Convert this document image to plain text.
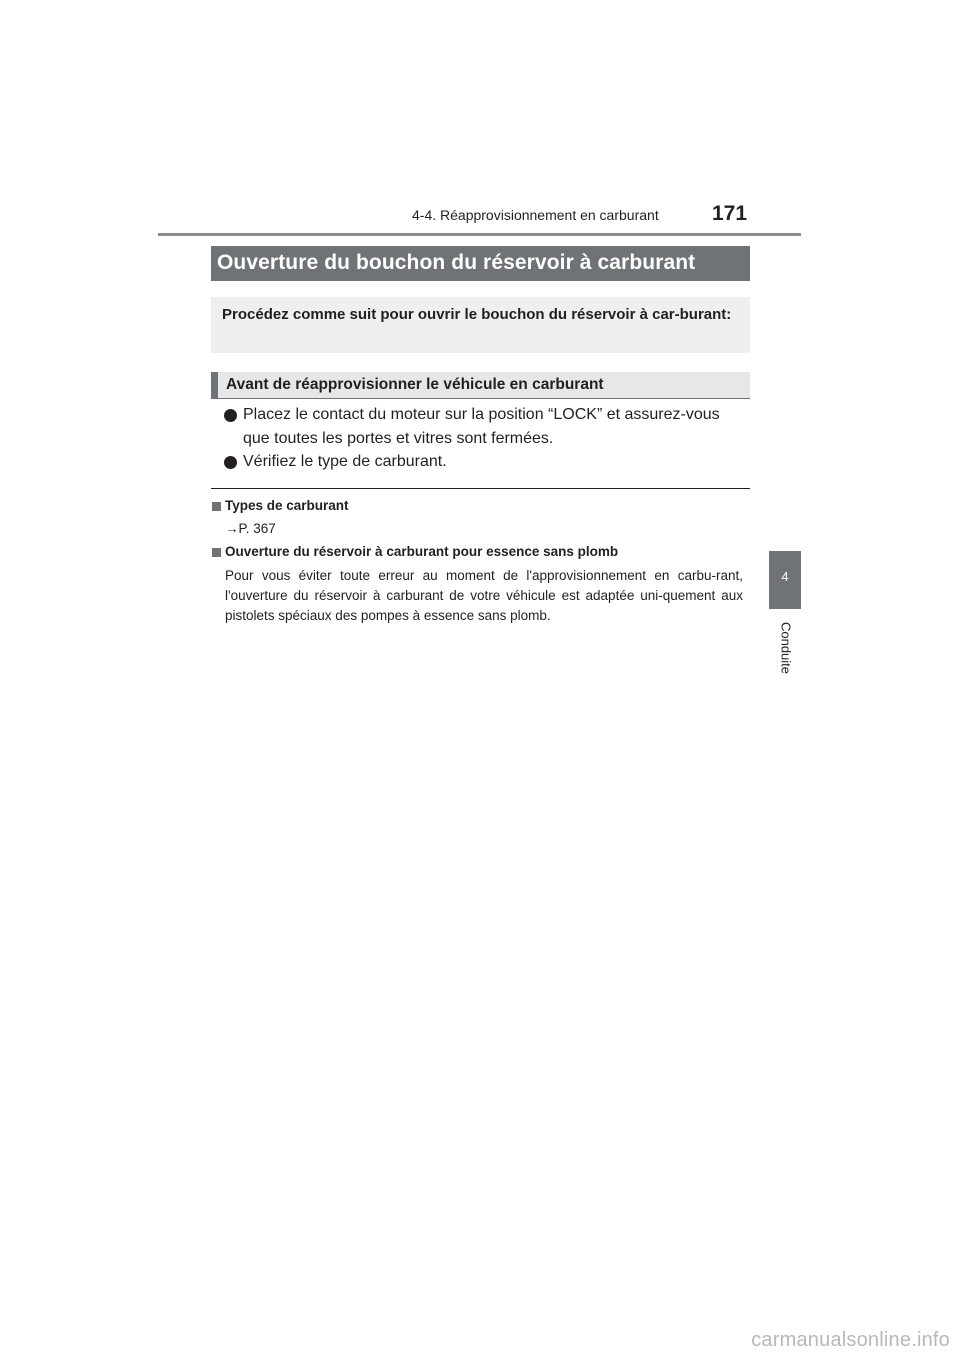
4-4. Réapprovisionnement en carburant	171
Ouverture du bouchon du réservoir à carburant
Procédez comme suit pour ouvrir le bouchon du réservoir à car-burant:
Avant de réapprovisionner le véhicule en carburant
Placez le contact du moteur sur la position “LOCK” et assurez-vous que toutes les portes et vitres sont fermées.
Vérifiez le type de carburant.
Types de carburant
→P. 367
Ouverture du réservoir à carburant pour essence sans plomb
Pour vous éviter toute erreur au moment de l'approvisionnement en carbu-rant, l'ouverture du réservoir à carburant de votre véhicule est adaptée uni-quement aux pistolets spéciaux des pompes à essence sans plomb.
4
Conduite
carmanualsonline.info
